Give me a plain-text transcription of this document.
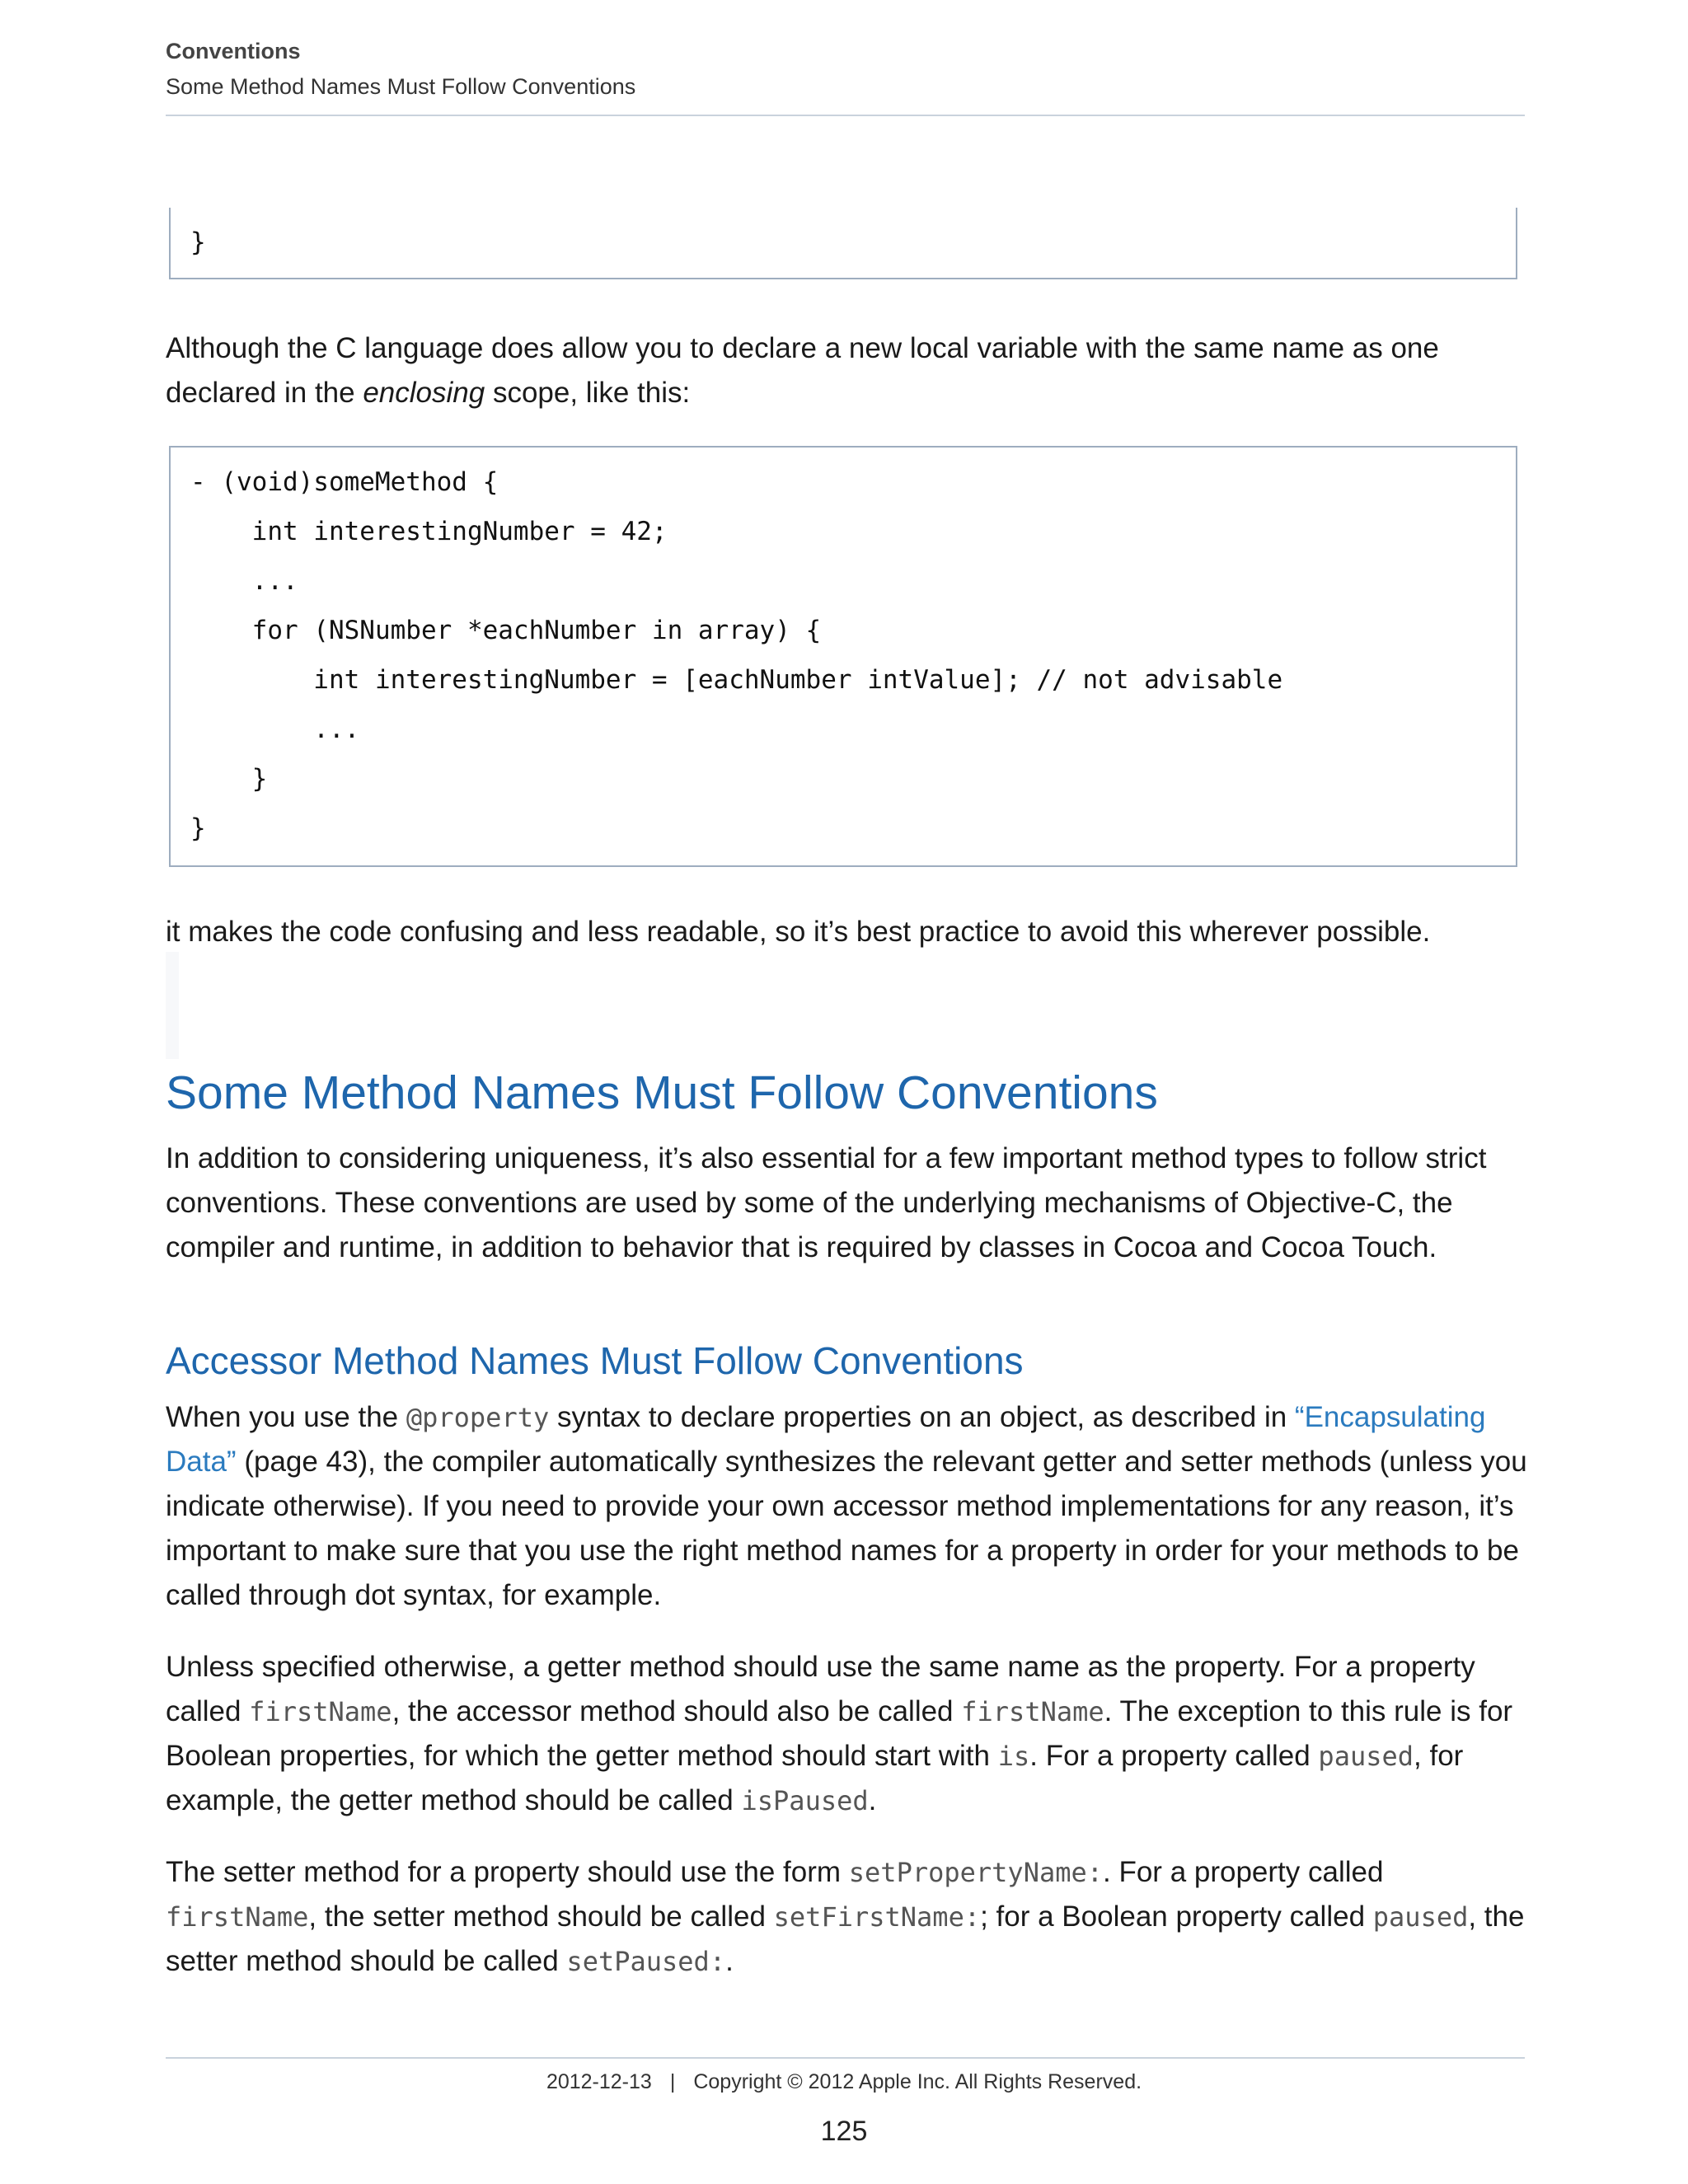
Conventions
Some Method Names Must Follow Conventions
}

Although the C language does allow you to declare a new local variable with the same name as one declared in the enclosing scope, like this:

- (void)someMethod {
int interestingNumber = 42;
...
for (NSNumber *eachNumber in array) {
int interestingNumber = [eachNumber intValue]; // not advisable
...
}
}

it makes the code confusing and less readable, so it’s best practice to avoid this wherever possible.

Some Method Names Must Follow Conventions

In addition to considering uniqueness, it’s also essential for a few important method types to follow strict conventions. These conventions are used by some of the underlying mechanisms of Objective-C, the compiler and runtime, in addition to behavior that is required by classes in Cocoa and Cocoa Touch.

Accessor Method Names Must Follow Conventions

When you use the @property syntax to declare properties on an object, as described in “Encapsulating Data” (page 43), the compiler automatically synthesizes the relevant getter and setter methods (unless you indicate otherwise). If you need to provide your own accessor method implementations for any reason, it’s important to make sure that you use the right method names for a property in order for your methods to be called through dot syntax, for example.

Unless specified otherwise, a getter method should use the same name as the property. For a property called firstName, the accessor method should also be called firstName. The exception to this rule is for Boolean properties, for which the getter method should start with is. For a property called paused, for example, the getter method should be called isPaused.

The setter method for a property should use the form setPropertyName:. For a property called firstName, the setter method should be called setFirstName:; for a Boolean property called paused, the setter method should be called setPaused:.

2012-12-13 | Copyright © 2012 Apple Inc. All Rights Reserved.
125
